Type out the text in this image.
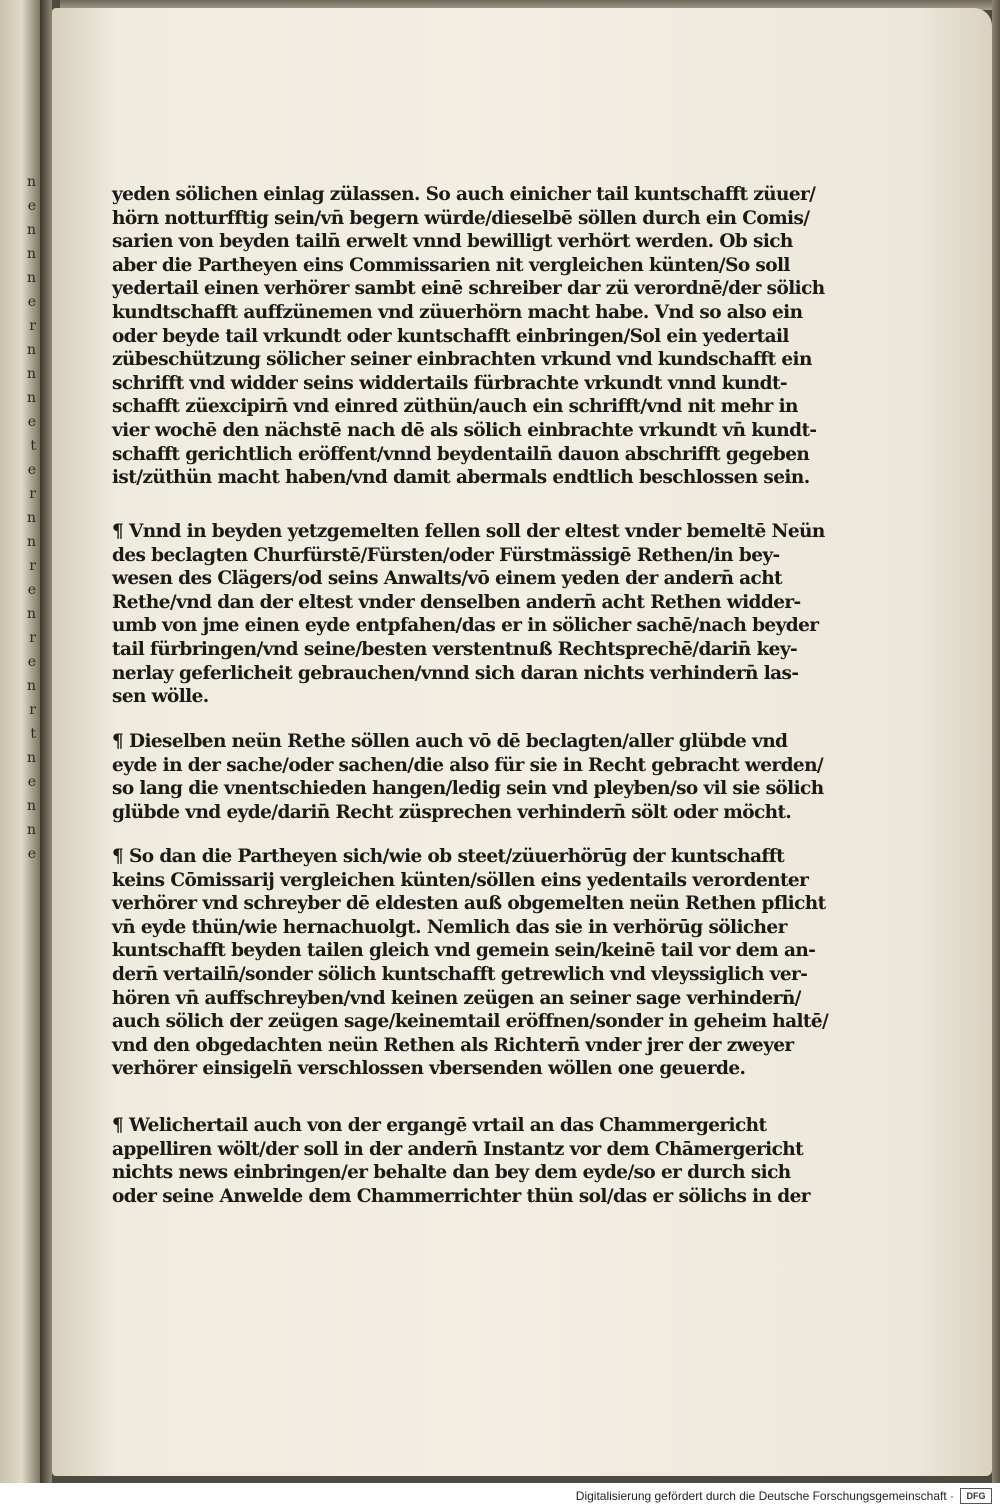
n
e
n
n
n
e
r
n
n
n
e
t
e
r
n
n
r
e
n
r
e
n
r
t
n
e
n
n
e
yeden sölichen einlag zülassen. So auch einicher tail kuntschafft züuer/
hörn notturfftig sein/vn̄ begern würde/dieselbē söllen durch ein Comis/
sarien von beyden tailn̄ erwelt vnnd bewilligt verhört werden. Ob sich
aber die Partheyen eins Commissarien nit vergleichen künten/So soll
yedertail einen verhörer sambt einē schreiber dar zü verordnē/der sölich
kundtschafft auffzünemen vnd züuerhörn macht habe. Vnd so also ein
oder beyde tail vrkundt oder kuntschafft einbringen/Sol ein yedertail
zübeschützung sölicher seiner einbrachten vrkund vnd kundschafft ein
schrifft vnd widder seins widdertails fürbrachte vrkundt vnnd kundt-
schafft züexcipirn̄ vnd einred züthün/auch ein schrifft/vnd nit mehr in
vier wochē den nächstē nach dē als sölich einbrachte vrkundt vn̄ kundt-
schafft gerichtlich eröffent/vnnd beydentailn̄ dauon abschrifft gegeben
ist/züthün macht haben/vnd damit abermals endtlich beschlossen sein.
¶ Vnnd in beyden yetzgemelten fellen soll der eltest vnder bemeltē Neün
des beclagten Churfürstē/Fürsten/oder Fürstmässigē Rethen/in bey-
wesen des Clägers/od seins Anwalts/vō einem yeden der andern̄ acht
Rethe/vnd dan der eltest vnder denselben andern̄ acht Rethen widder-
umb von jme einen eyde entpfahen/das er in sölicher sachē/nach beyder
tail fürbringen/vnd seine/besten verstentnuß Rechtsprechē/darin̄ key-
nerlay geferlicheit gebrauchen/vnnd sich daran nichts verhindern̄ las-
sen wölle.
¶ Dieselben neün Rethe söllen auch vō dē beclagten/aller glübde vnd
eyde in der sache/oder sachen/die also für sie in Recht gebracht werden/
so lang die vnentschieden hangen/ledig sein vnd pleyben/so vil sie sölich
glübde vnd eyde/darin̄ Recht züsprechen verhindern̄ sölt oder möcht.
¶ So dan die Partheyen sich/wie ob steet/züuerhörūg der kuntschafft
keins Cōmissarij vergleichen künten/söllen eins yedentails verordenter
verhörer vnd schreyber dē eldesten auß obgemelten neün Rethen pflicht
vn̄ eyde thün/wie hernachuolgt. Nemlich das sie in verhörūg sölicher
kuntschafft beyden tailen gleich vnd gemein sein/keinē tail vor dem an-
dern̄ vertailn̄/sonder sölich kuntschafft getrewlich vnd vleyssiglich ver-
hören vn̄ auffschreyben/vnd keinen zeügen an seiner sage verhindern̄/
auch sölich der zeügen sage/keinemtail eröffnen/sonder in geheim haltē/
vnd den obgedachten neün Rethen als Richtern̄ vnder jrer der zweyer
verhörer einsigeln̄ verschlossen vbersenden wöllen one geuerde.
¶ Welichertail auch von der ergangē vrtail an das Chammergericht
appelliren wölt/der soll in der andern̄ Instantz vor dem Chāmergericht
nichts news einbringen/er behalte dan bey dem eyde/so er durch sich
oder seine Anwelde dem Chammerrichter thün sol/das er sölichs in der
Digitalisierung gefördert durch die Deutsche Forschungsgemeinschaft ·	DFG
